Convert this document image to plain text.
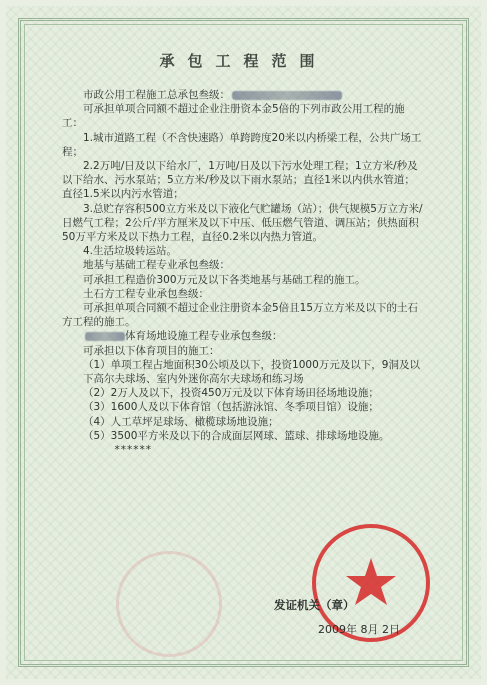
承包工程范围

市政公用工程施工总承包叁级：

可承担单项合同额不超过企业注册资本金5倍的下列市政公用工程的施工：

1.城市道路工程（不含快速路）单跨跨度20米以内桥梁工程，公共广场工程；

2.2万吨/日及以下给水厂，1万吨/日及以下污水处理工程；1立方米/秒及以下给水、污水泵站；5立方米/秒及以下雨水泵站；直径1米以内供水管道；直径1.5米以内污水管道；

3.总贮存容积500立方米及以下液化气贮罐场（站）；供气规模5万立方米/日燃气工程；2公斤/平方厘米及以下中压、低压燃气管道、调压站；供热面积50万平方米及以下热力工程，直径0.2米以内热力管道。

4.生活垃圾转运站。

地基与基础工程专业承包叁级：

可承担工程造价300万元及以下各类地基与基础工程的施工。

土石方工程专业承包叁级：

可承担单项合同额不超过企业注册资本金5倍且15万立方米及以下的土石方工程的施工。

体育场地设施工程专业承包叁级：

可承担以下体育项目的施工：

（1）单项工程占地面积30公顷及以下，投资1000万元及以下，9洞及以下高尔夫球场、室内外迷你高尔夫球场和练习场

（2）2万人及以下，投资450万元及以下体育场田径场地设施；

（3）1600人及以下体育馆（包括游泳馆、冬季项目馆）设施；

（4）人工草坪足球场、橄榄球场地设施；

（5）3500平方米及以下的合成面层网球、篮球、排球场地设施。

******

发证机关（章）
2009年 8月 2日
